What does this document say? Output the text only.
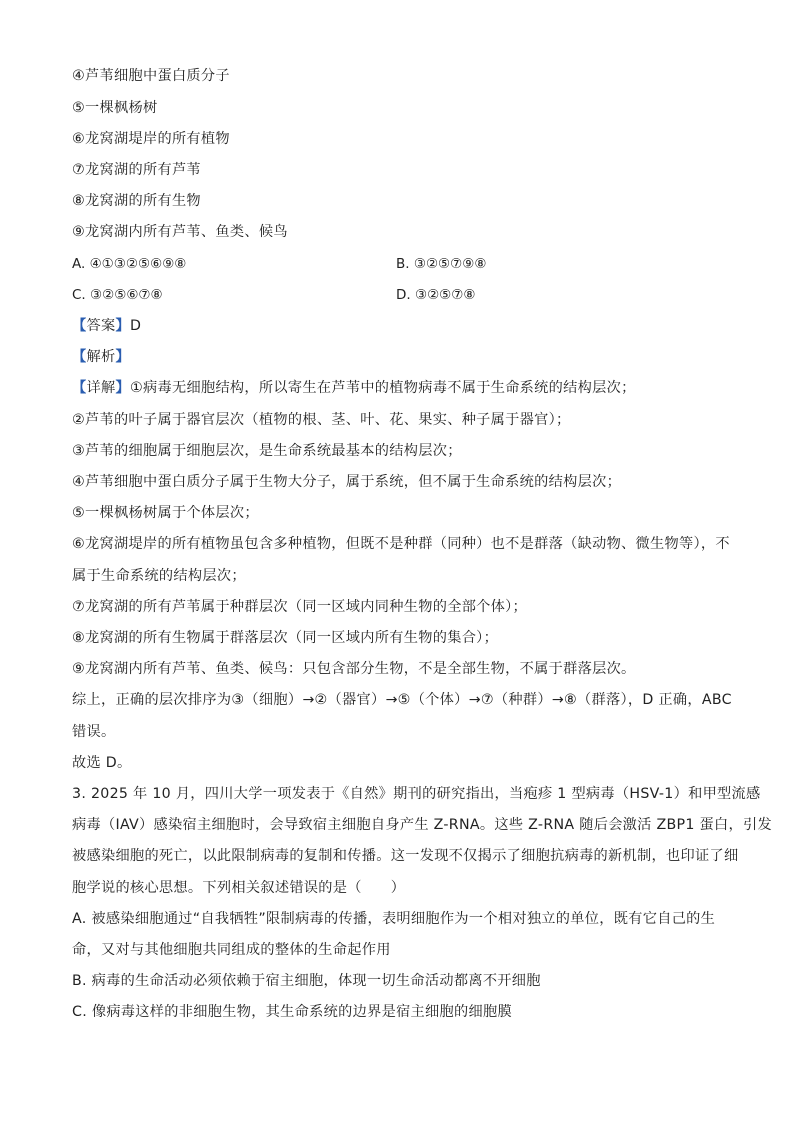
④芦苇细胞中蛋白质分子
⑤一棵枫杨树
⑥龙窝湖堤岸的所有植物
⑦龙窝湖的所有芦苇
⑧龙窝湖的所有生物
⑨龙窝湖内所有芦苇、鱼类、候鸟
A. ④①③②⑤⑥⑨⑧	B. ③②⑤⑦⑨⑧
C. ③②⑤⑥⑦⑧	D. ③②⑤⑦⑧
【答案】D
【解析】
【详解】①病毒无细胞结构，所以寄生在芦苇中的植物病毒不属于生命系统的结构层次；
②芦苇的叶子属于器官层次（植物的根、茎、叶、花、果实、种子属于器官）；
③芦苇的细胞属于细胞层次，是生命系统最基本的结构层次；
④芦苇细胞中蛋白质分子属于生物大分子，属于系统，但不属于生命系统的结构层次；
⑤一棵枫杨树属于个体层次；
⑥龙窝湖堤岸的所有植物虽包含多种植物，但既不是种群（同种）也不是群落（缺动物、微生物等），不
属于生命系统的结构层次；
⑦龙窝湖的所有芦苇属于种群层次（同一区域内同种生物的全部个体）；
⑧龙窝湖的所有生物属于群落层次（同一区域内所有生物的集合）；
⑨龙窝湖内所有芦苇、鱼类、候鸟：只包含部分生物，不是全部生物，不属于群落层次。
综上，正确的层次排序为③（细胞）→②（器官）→⑤（个体）→⑦（种群）→⑧（群落），D 正确，ABC
错误。
故选 D。
3. 2025 年 10 月，四川大学一项发表于《自然》期刊的研究指出，当疱疹 1 型病毒（HSV-1）和甲型流感
病毒（IAV）感染宿主细胞时，会导致宿主细胞自身产生 Z-RNA。这些 Z-RNA 随后会激活 ZBP1 蛋白，引发
被感染细胞的死亡，以此限制病毒的复制和传播。这一发现不仅揭示了细胞抗病毒的新机制，也印证了细
胞学说的核心思想。下列相关叙述错误的是（　　）
A. 被感染细胞通过“自我牺牲”限制病毒的传播，表明细胞作为一个相对独立的单位，既有它自己的生
命，又对与其他细胞共同组成的整体的生命起作用
B. 病毒的生命活动必须依赖于宿主细胞，体现一切生命活动都离不开细胞
C. 像病毒这样的非细胞生物，其生命系统的边界是宿主细胞的细胞膜
